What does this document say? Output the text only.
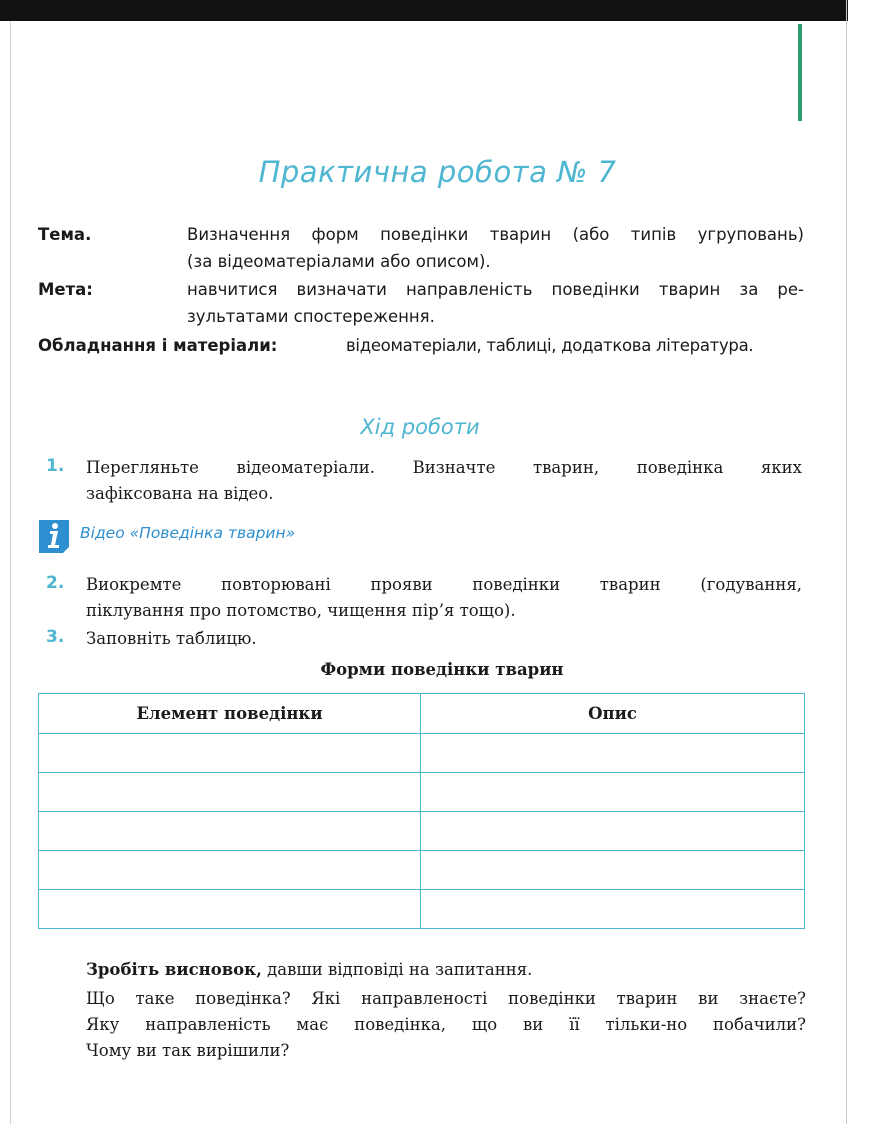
Практична робота № 7
Тема.	Визначення форм поведінки тварин (або типів угруповань)
(за відеоматеріалами або описом).
Мета:	навчитися визначати направленість поведінки тварин за ре-
зультатами спостереження.
Обладнання і матеріали:	відеоматеріали, таблиці, додаткова література.
Хід роботи
1. Перегляньте відеоматеріали. Визначте тварин, поведінка яких
зафіксована на відео.
Відео «Поведінка тварин»
2. Виокремте повторювані прояви поведінки тварин (годування,
піклування про потомство, чищення пір’я тощо).
3. Заповніть таблицю.
Форми поведінки тварин
Елемент поведінки	Опис

Зробіть висновок, давши відповіді на запитання.
Що таке поведінка? Які направленості поведінки тварин ви знаєте?
Яку направленість має поведінка, що ви її тільки-но побачили?
Чому ви так вирішили?
